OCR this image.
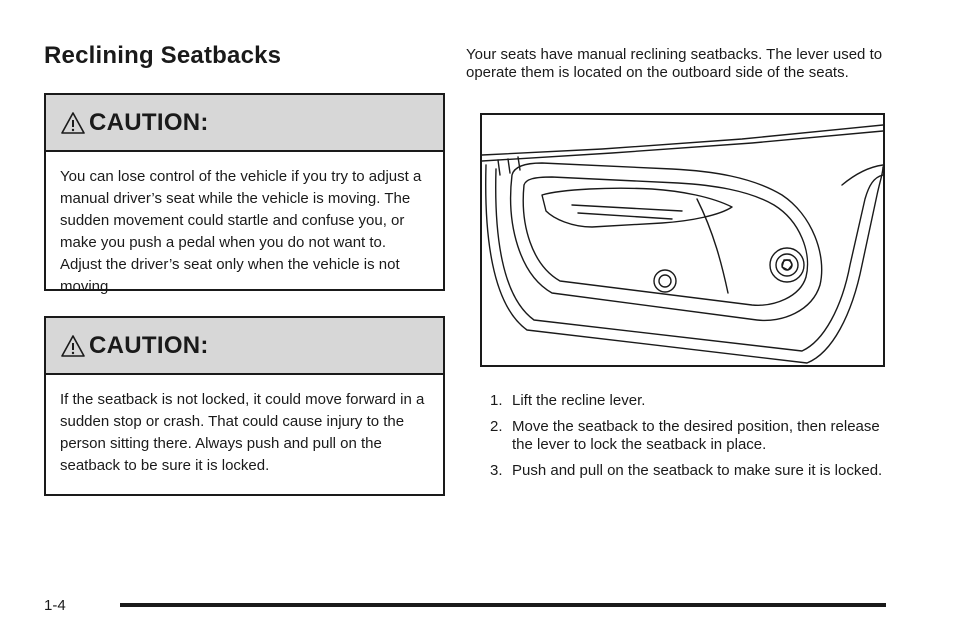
Reclining Seatbacks
CAUTION:

You can lose control of the vehicle if you try to adjust a manual driver’s seat while the vehicle is moving. The sudden movement could startle and confuse you, or make you push a pedal when you do not want to. Adjust the driver’s seat only when the vehicle is not moving.

CAUTION:

If the seatback is not locked, it could move forward in a sudden stop or crash. That could cause injury to the person sitting there. Always push and pull on the seatback to be sure it is locked.

Your seats have manual reclining seatbacks. The lever used to operate them is located on the outboard side of the seats.

1. Lift the recline lever.
2. Move the seatback to the desired position, then release the lever to lock the seatback in place.
3. Push and pull on the seatback to make sure it is locked.
1-4
